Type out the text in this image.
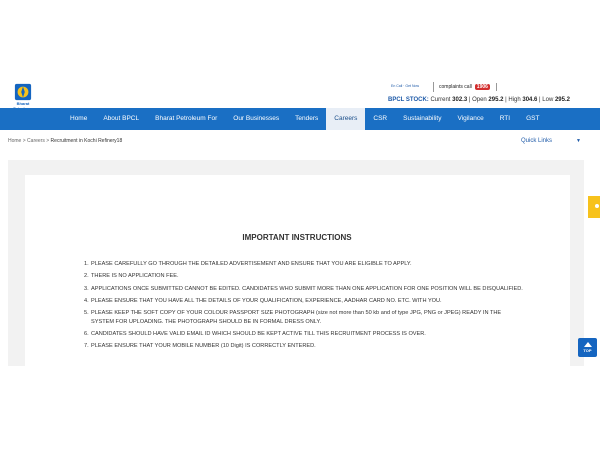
Bharat
En Call · Get Now	complaints call	1906
BPCL STOCK: Current 302.3 | Open 295.2 | High 304.6 | Low 295.2
Home	About BPCL	Bharat Petroleum For	Our Businesses	Tenders	Careers	CSR	Sustainability	Vigilance	RTI	GST
Home > Careers > Recruitment in Kochi Refinery18	Quick Links	▼
IMPORTANT INSTRUCTIONS
1. PLEASE CAREFULLY GO THROUGH THE DETAILED ADVERTISEMENT AND ENSURE THAT YOU ARE ELIGIBLE TO APPLY.
2. THERE IS NO APPLICATION FEE.
3. APPLICATIONS ONCE SUBMITTED CANNOT BE EDITED. CANDIDATES WHO SUBMIT MORE THAN ONE APPLICATION FOR ONE POSITION WILL BE DISQUALIFIED.
4. PLEASE ENSURE THAT YOU HAVE ALL THE DETAILS OF YOUR QUALIFICATION, EXPERIENCE, AADHAR CARD NO. ETC. WITH YOU.
5. PLEASE KEEP THE SOFT COPY OF YOUR COLOUR PASSPORT SIZE PHOTOGRAPH (size not more than 50 kb and of type JPG, PNG or JPEG) READY IN THE SYSTEM FOR UPLOADING. THE PHOTOGRAPH SHOULD BE IN FORMAL DRESS ONLY.
6. CANDIDATES SHOULD HAVE VALID EMAIL ID WHICH SHOULD BE KEPT ACTIVE TILL THIS RECRUITMENT PROCESS IS OVER.
7. PLEASE ENSURE THAT YOUR MOBILE NUMBER (10 Digit) IS CORRECTLY ENTERED.
TOP
